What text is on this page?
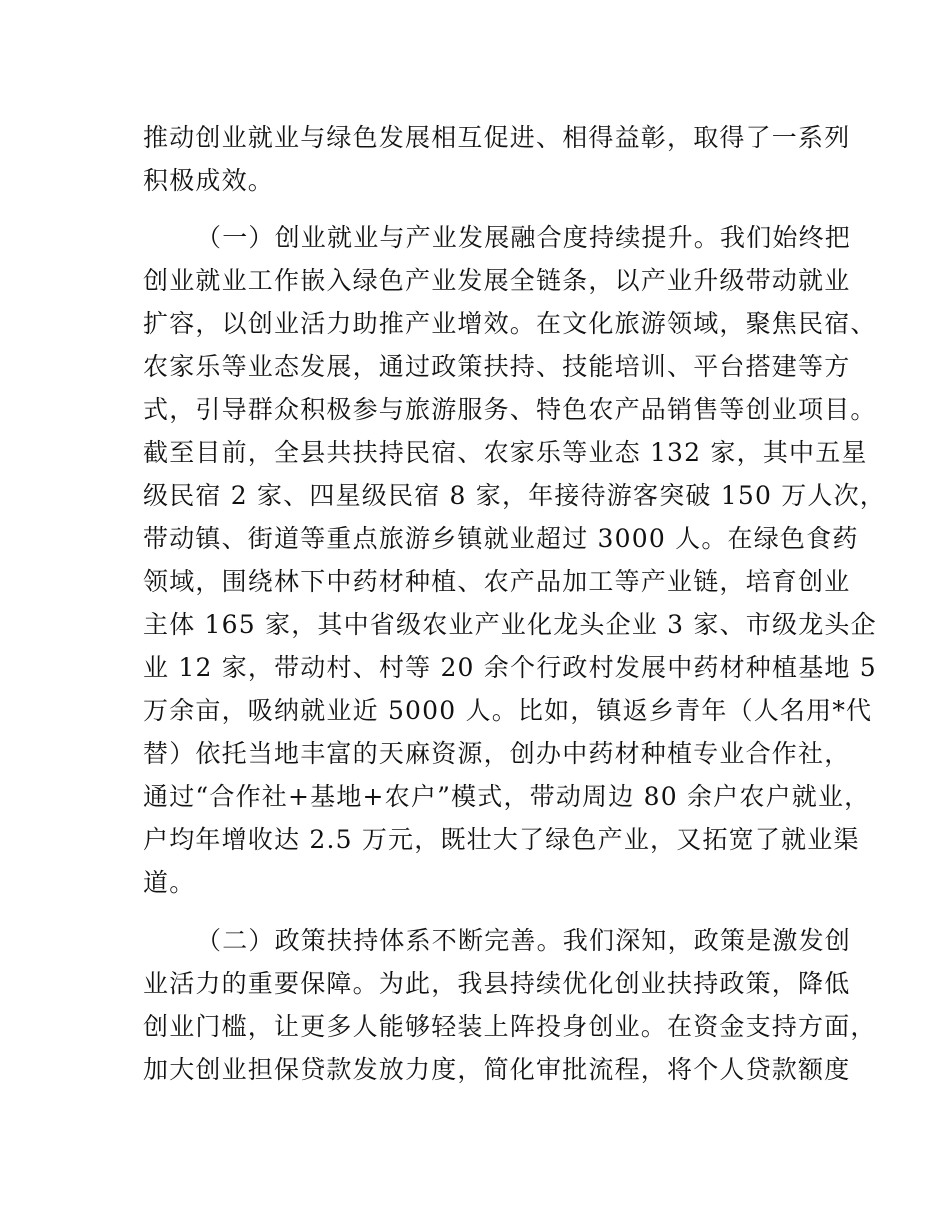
推动创业就业与绿色发展相互促进、相得益彰，取得了一系列
积极成效。
（一）创业就业与产业发展融合度持续提升。我们始终把
创业就业工作嵌入绿色产业发展全链条，以产业升级带动就业
扩容，以创业活力助推产业增效。在文化旅游领域，聚焦民宿、
农家乐等业态发展，通过政策扶持、技能培训、平台搭建等方
式，引导群众积极参与旅游服务、特色农产品销售等创业项目。
截至目前，全县共扶持民宿、农家乐等业态 132 家，其中五星
级民宿 2 家、四星级民宿 8 家，年接待游客突破 150 万人次，
带动镇、街道等重点旅游乡镇就业超过 3000 人。在绿色食药
领域，围绕林下中药材种植、农产品加工等产业链，培育创业
主体 165 家，其中省级农业产业化龙头企业 3 家、市级龙头企
业 12 家，带动村、村等 20 余个行政村发展中药材种植基地 5
万余亩，吸纳就业近 5000 人。比如，镇返乡青年（人名用*代
替）依托当地丰富的天麻资源，创办中药材种植专业合作社，
通过“合作社+基地+农户”模式，带动周边 80 余户农户就业，
户均年增收达 2.5 万元，既壮大了绿色产业，又拓宽了就业渠
道。
（二）政策扶持体系不断完善。我们深知，政策是激发创
业活力的重要保障。为此，我县持续优化创业扶持政策，降低
创业门槛，让更多人能够轻装上阵投身创业。在资金支持方面，
加大创业担保贷款发放力度，简化审批流程，将个人贷款额度
